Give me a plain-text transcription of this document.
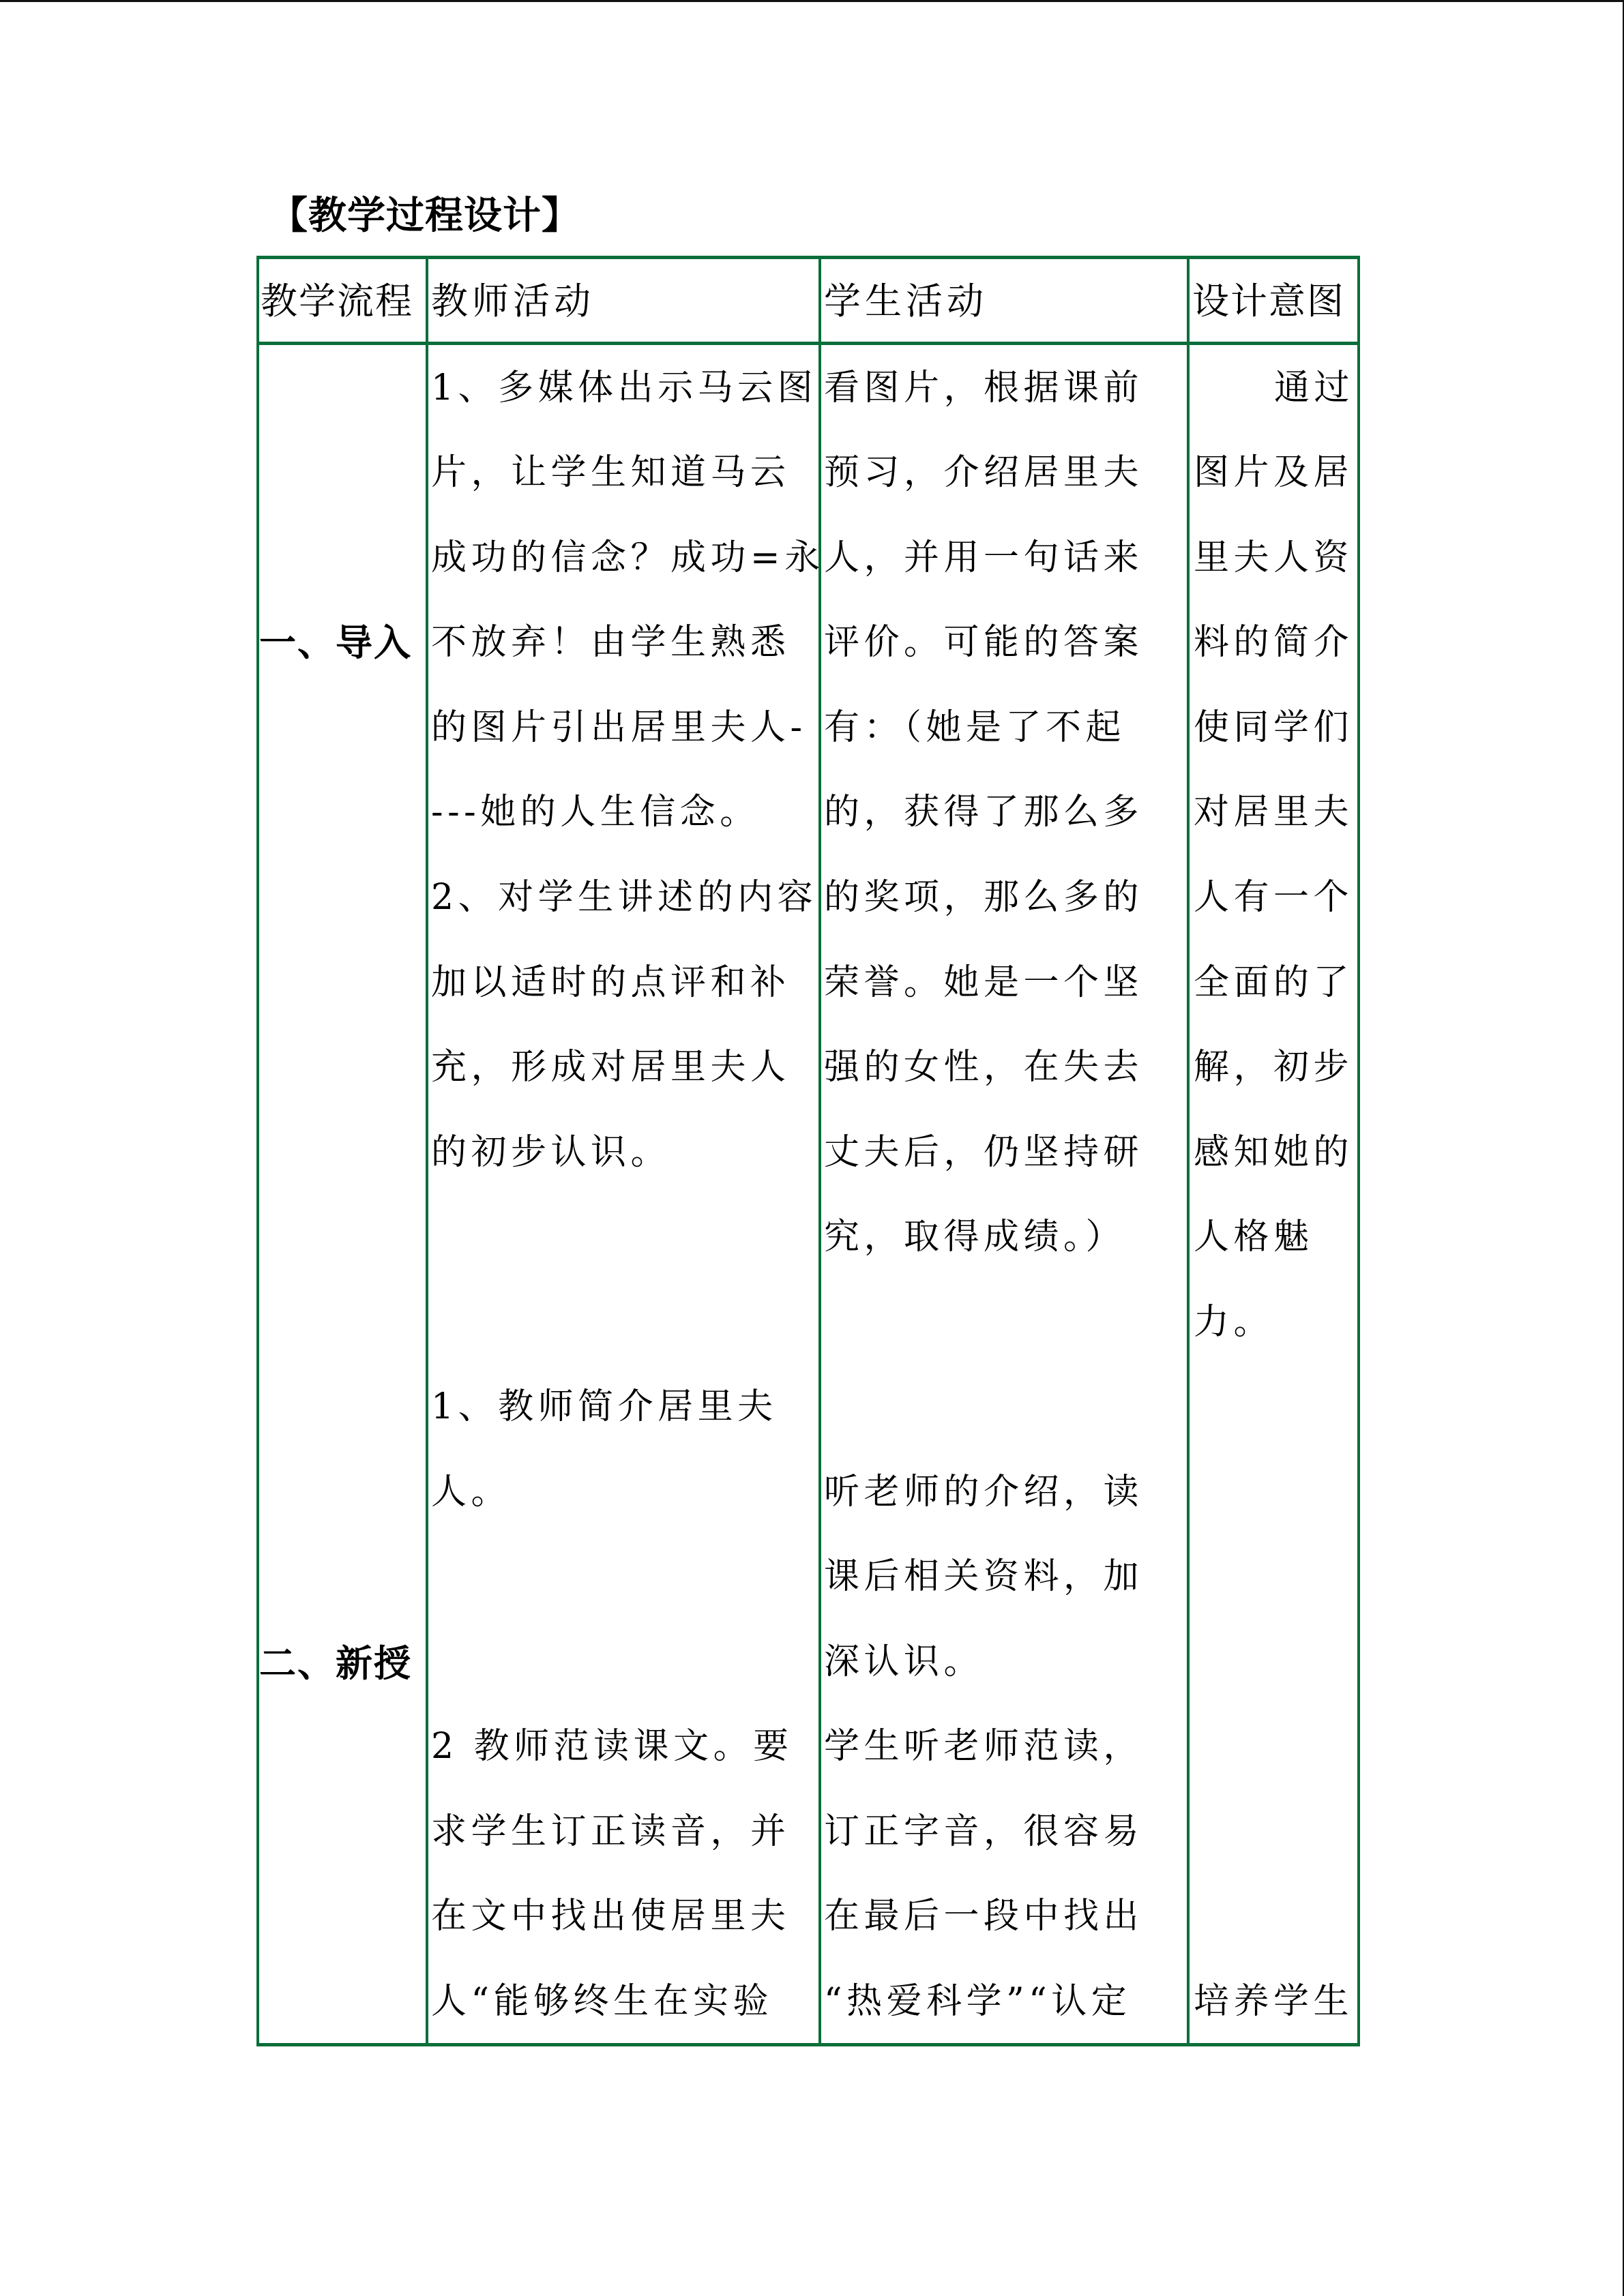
【教学过程设计】
教学流程 教师活动	学生活动	设计意图
一、导入
二、新授
1、多媒体出示马云图
片，让学生知道马云
成功的信念？成功=永
不放弃！由学生熟悉
的图片引出居里夫人-
---她的人生信念。
2、对学生讲述的内容
加以适时的点评和补
充，形成对居里夫人
的初步认识。
1、教师简介居里夫
人。
2 教师范读课文。要
求学生订正读音，并
在文中找出使居里夫
人“能够终生在实验
看图片，根据课前
预习，介绍居里夫
人，并用一句话来
评价。可能的答案
有：（她是了不起
的，获得了那么多
的奖项，那么多的
荣誉。她是一个坚
强的女性，在失去
丈夫后，仍坚持研
究，取得成绩。）
听老师的介绍，读
课后相关资料，加
深认识。
学生听老师范读，
订正字音，很容易
在最后一段中找出
“热爱科学”“认定
通过
图片及居
里夫人资
料的简介
使同学们
对居里夫
人有一个
全面的了
解，初步
感知她的
人格魅
力。
培养学生
